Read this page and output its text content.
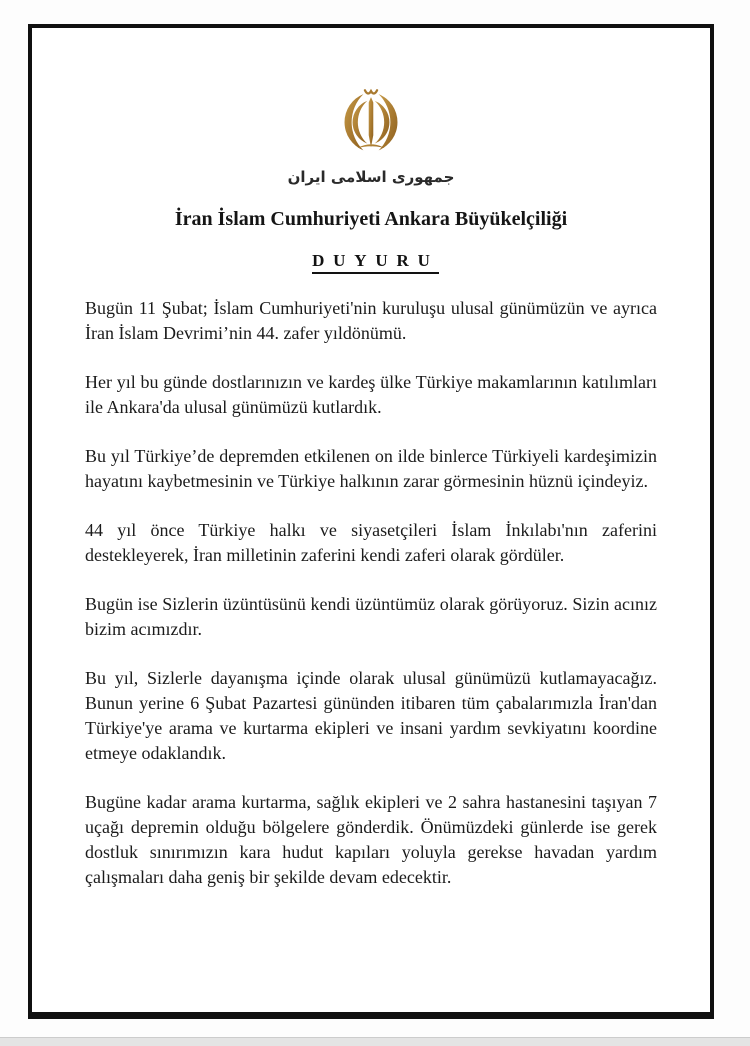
جمهوری اسلامی ایران
İran İslam Cumhuriyeti Ankara Büyükelçiliği
DUYURU

Bugün 11 Şubat; İslam Cumhuriyeti'nin kuruluşu ulusal günümüzün ve ayrıca İran İslam Devrimi’nin 44. zafer yıldönümü.

Her yıl bu günde dostlarınızın ve kardeş ülke Türkiye makamlarının katılımları ile Ankara'da ulusal günümüzü kutlardık.

Bu yıl Türkiye’de depremden etkilenen on ilde binlerce Türkiyeli kardeşimizin hayatını kaybetmesinin ve Türkiye halkının zarar görmesinin hüznü içindeyiz.

44 yıl önce Türkiye halkı ve siyasetçileri İslam İnkılabı'nın zaferini destekleyerek, İran milletinin zaferini kendi zaferi olarak gördüler.

Bugün ise Sizlerin üzüntüsünü kendi üzüntümüz olarak görüyoruz. Sizin acınız bizim acımızdır.

Bu yıl, Sizlerle dayanışma içinde olarak ulusal günümüzü kutlamayacağız. Bunun yerine 6 Şubat Pazartesi gününden itibaren tüm çabalarımızla İran'dan Türkiye'ye arama ve kurtarma ekipleri ve insani yardım sevkiyatını koordine etmeye odaklandık.

Bugüne kadar arama kurtarma, sağlık ekipleri ve 2 sahra hastanesini taşıyan 7 uçağı depremin olduğu bölgelere gönderdik. Önümüzdeki günlerde ise gerek dostluk sınırımızın kara hudut kapıları yoluyla gerekse havadan yardım çalışmaları daha geniş bir şekilde devam edecektir.
